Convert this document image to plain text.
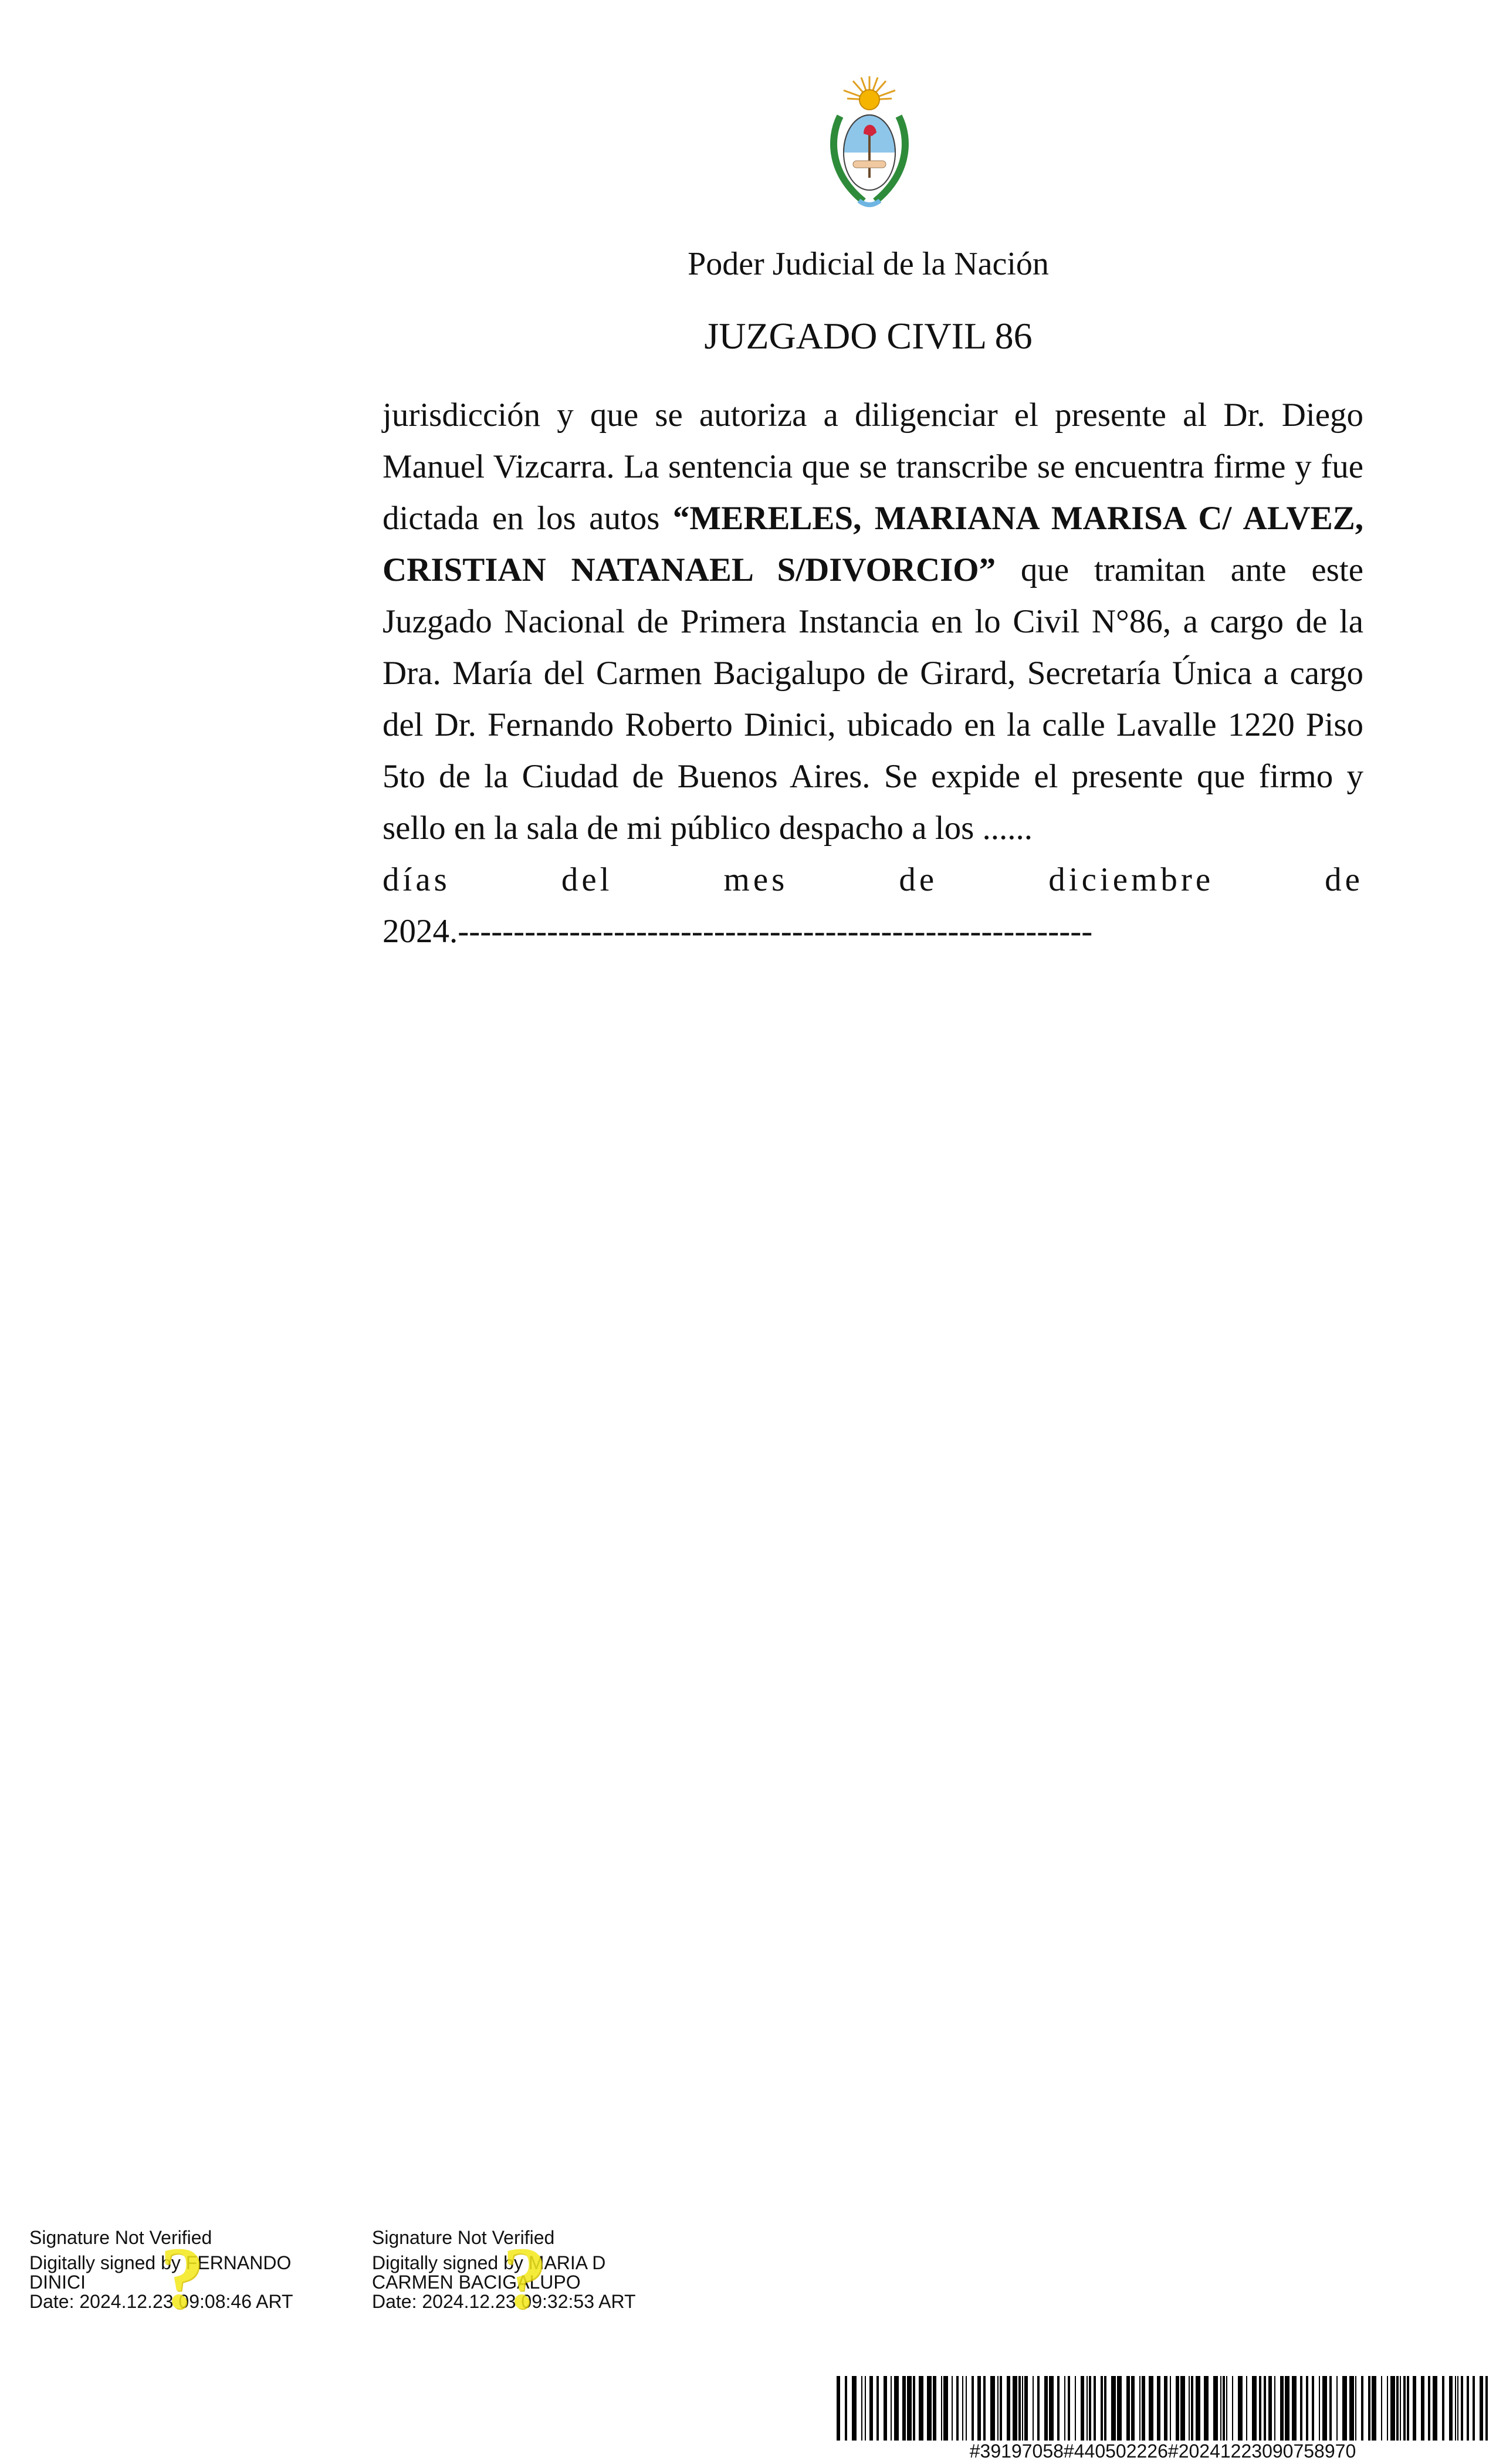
Poder Judicial de la Nación
JUZGADO CIVIL 86

jurisdicción y que se autoriza a diligenciar el presente al Dr. Diego Manuel Vizcarra. La sentencia que se transcribe se encuentra firme y fue dictada en los autos “MERELES, MARIANA MARISA C/ ALVEZ, CRISTIAN NATANAEL S/DIVORCIO” que tramitan ante este Juzgado Nacional de Primera Instancia en lo Civil N°86, a cargo de la Dra. María del Carmen Bacigalupo de Girard, Secretaría Única a cargo del Dr. Fernando Roberto Dinici, ubicado en la calle Lavalle 1220 Piso 5to de la Ciudad de Buenos Aires. Se expide el presente que firmo y sello en la sala de mi público despacho a los ......

días	del	mes	de	diciembre	de
2024.---------------------------------------------------------
Signature Not Verified
Digitally signed by FERNANDO
DINICI
Date: 2024.12.23 09:08:46 ART
?	Signature Not Verified
Digitally signed by MARIA D
CARMEN BACIGALUPO
Date: 2024.12.23 09:32:53 ART
?
#39197058#440502226#20241223090758970
